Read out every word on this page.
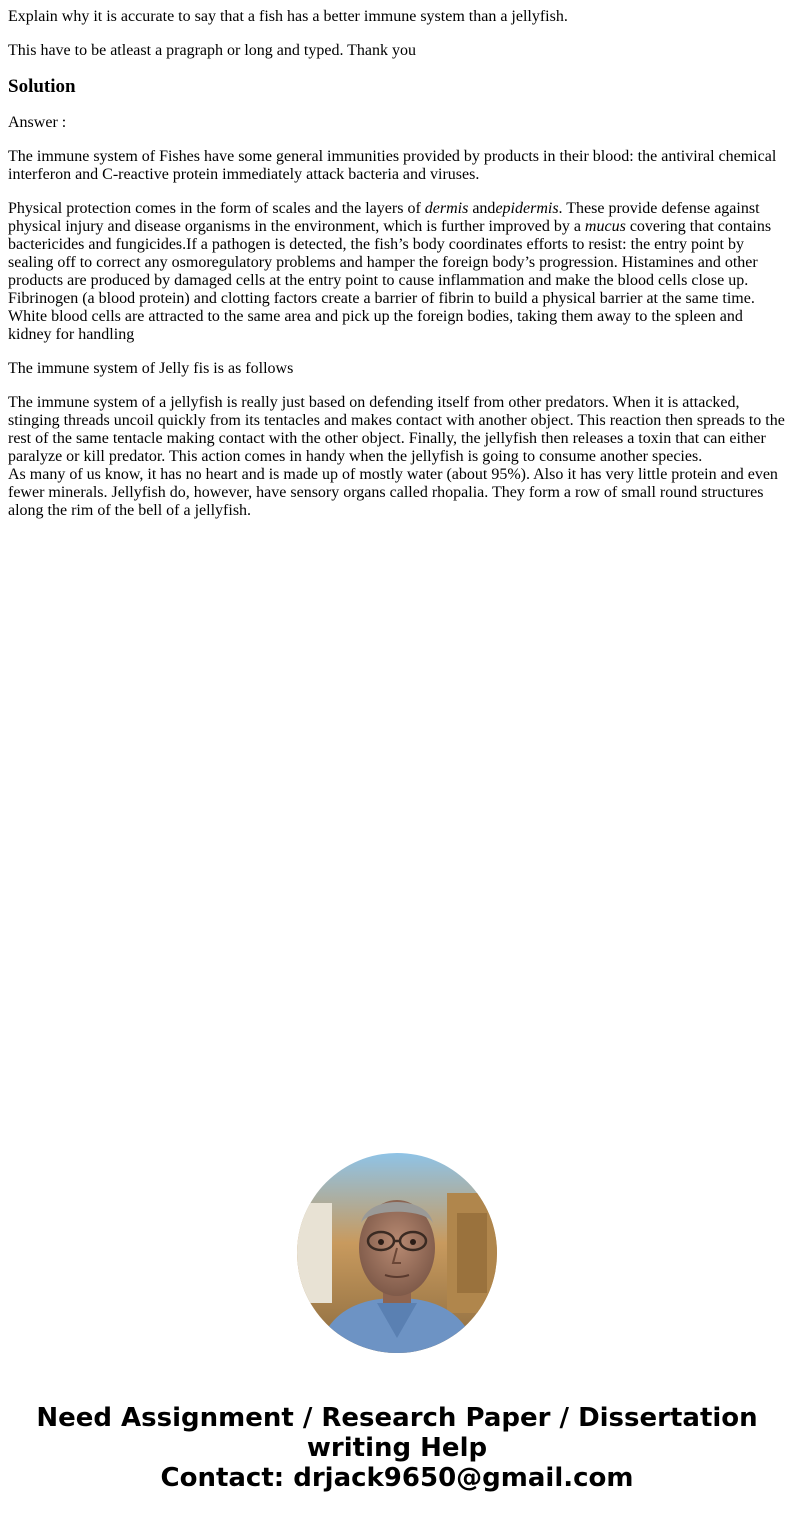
Explain why it is accurate to say that a fish has a better immune system than a jellyfish.

This have to be atleast a pragraph or long and typed. Thank you

Solution

Answer :

The immune system of Fishes have some general immunities provided by products in their blood: the antiviral chemical interferon and C-reactive protein immediately attack bacteria and viruses.

Physical protection comes in the form of scales and the layers of dermis andepidermis. These provide defense against physical injury and disease organisms in the environment, which is further improved by a mucus covering that contains bactericides and fungicides.If a pathogen is detected, the fish’s body coordinates efforts to resist: the entry point by sealing off to correct any osmoregulatory problems and hamper the foreign body’s progression. Histamines and other products are produced by damaged cells at the entry point to cause inflammation and make the blood cells close up. Fibrinogen (a blood protein) and clotting factors create a barrier of fibrin to build a physical barrier at the same time. White blood cells are attracted to the same area and pick up the foreign bodies, taking them away to the spleen and kidney for handling

The immune system of Jelly fis is as follows

The immune system of a jellyfish is really just based on defending itself from other predators. When it is attacked, stinging threads uncoil quickly from its tentacles and makes contact with another object. This reaction then spreads to the rest of the same tentacle making contact with the other object. Finally, the jellyfish then releases a toxin that can either paralyze or kill predator. This action comes in handy when the jellyfish is going to consume another species.
As many of us know, it has no heart and is made up of mostly water (about 95%). Also it has very little protein and even fewer minerals. Jellyfish do, however, have sensory organs called rhopalia. They form a row of small round structures along the rim of the bell of a jellyfish.

Need Assignment / Research Paper / Dissertation
writing Help
Contact: drjack9650@gmail.com
